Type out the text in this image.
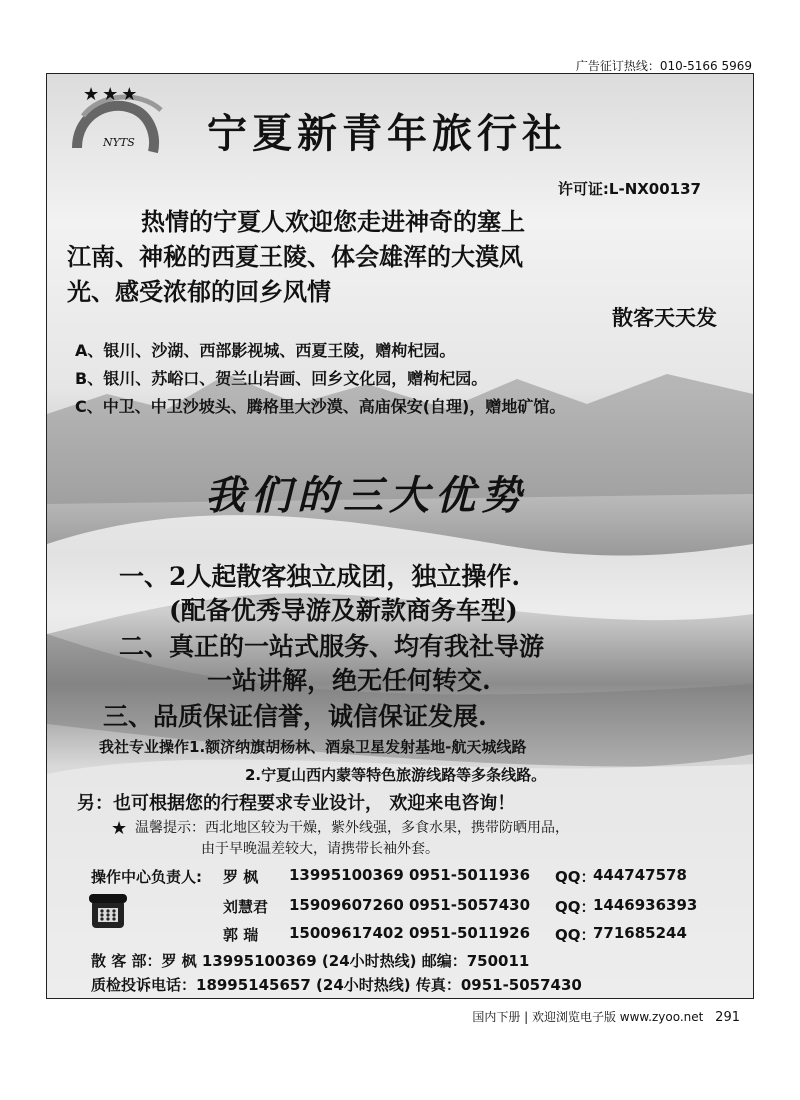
广告征订热线：010-5166 5969
★★★
NYTS 宁夏新青年旅行社
许可证:L-NX00137
热情的宁夏人欢迎您走进神奇的塞上
江南、神秘的西夏王陵、体会雄浑的大漠风
光、感受浓郁的回乡风情
散客天天发
A、银川、沙湖、西部影视城、西夏王陵，赠枸杞园。
B、银川、苏峪口、贺兰山岩画、回乡文化园，赠枸杞园。
C、中卫、中卫沙坡头、腾格里大沙漠、高庙保安(自理)，赠地矿馆。
我们的三大优势
一、2人起散客独立成团，独立操作.
(配备优秀导游及新款商务车型)
二、真正的一站式服务、均有我社导游
一站讲解，绝无任何转交.
三、品质保证信誉，诚信保证发展.
我社专业操作1.额济纳旗胡杨林、酒泉卫星发射基地-航天城线路
2.宁夏山西内蒙等特色旅游线路等多条线路。
另：也可根据您的行程要求专业设计， 欢迎来电咨询！
★ 温馨提示：西北地区较为干燥，紫外线强，多食水果，携带防晒用品，
由于早晚温差较大，请携带长袖外套。
操作中心负责人: 罗 枫 13995100369 0951-5011936 QQ：
444747578
刘慧君 15909607260 0951-5057430 QQ：
1446936393
郭 瑞 15009617402 0951-5011926 QQ：
771685244
散 客 部：罗 枫 13995100369 (24小时热线) 邮编：750011
质检投诉电话：18995145657 (24小时热线) 传真：0951-5057430
国内下册 | 欢迎浏览电子版 www.zyoo.net 291
